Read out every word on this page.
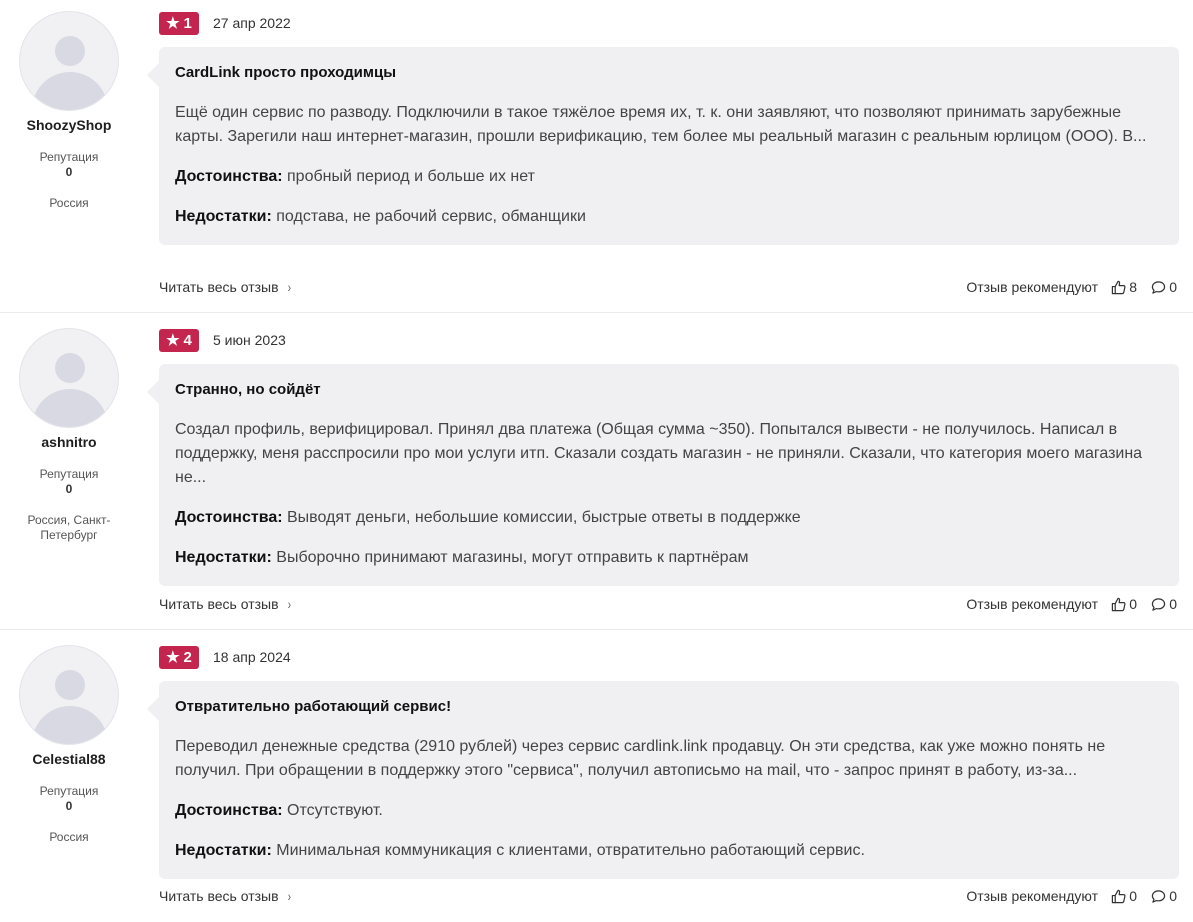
ShoozyShop
Репутация
0
Россия
★ 1 27 апр 2022
CardLink просто проходимцы
Ещё один сервис по разводу. Подключили в такое тяжёлое время их, т. к. они заявляют, что позволяют принимать зарубежные карты. Зарегили наш интернет-магазин, прошли верификацию, тем более мы реальный магазин с реальным юрлицом (ООО). В...
Достоинства: пробный период и больше их нет
Недостатки: подстава, не рабочий сервис, обманщики
Читать весь отзыв ›	Отзыв рекомендуют 8 0
ashnitro
Репутация
0
Россия, Санкт-Петербург
★ 4 5 июн 2023
Странно, но сойдёт
Создал профиль, верифицировал. Принял два платежа (Общая сумма ~350). Попытался вывести - не получилось. Написал в поддержку, меня расспросили про мои услуги итп. Сказали создать магазин - не приняли. Сказали, что категория моего магазина не...
Достоинства: Выводят деньги, небольшие комиссии, быстрые ответы в поддержке
Недостатки: Выборочно принимают магазины, могут отправить к партнёрам
Читать весь отзыв ›	Отзыв рекомендуют 0 0
Celestial88
Репутация
0
Россия
★ 2 18 апр 2024
Отвратительно работающий сервис!
Переводил денежные средства (2910 рублей) через сервис cardlink.link продавцу. Он эти средства, как уже можно понять не получил. При обращении в поддержку этого "сервиса", получил автописьмо на mail, что - запрос принят в работу, из-за...
Достоинства: Отсутствуют.
Недостатки: Минимальная коммуникация с клиентами, отвратительно работающий сервис.
Читать весь отзыв ›	Отзыв рекомендуют 0 0
